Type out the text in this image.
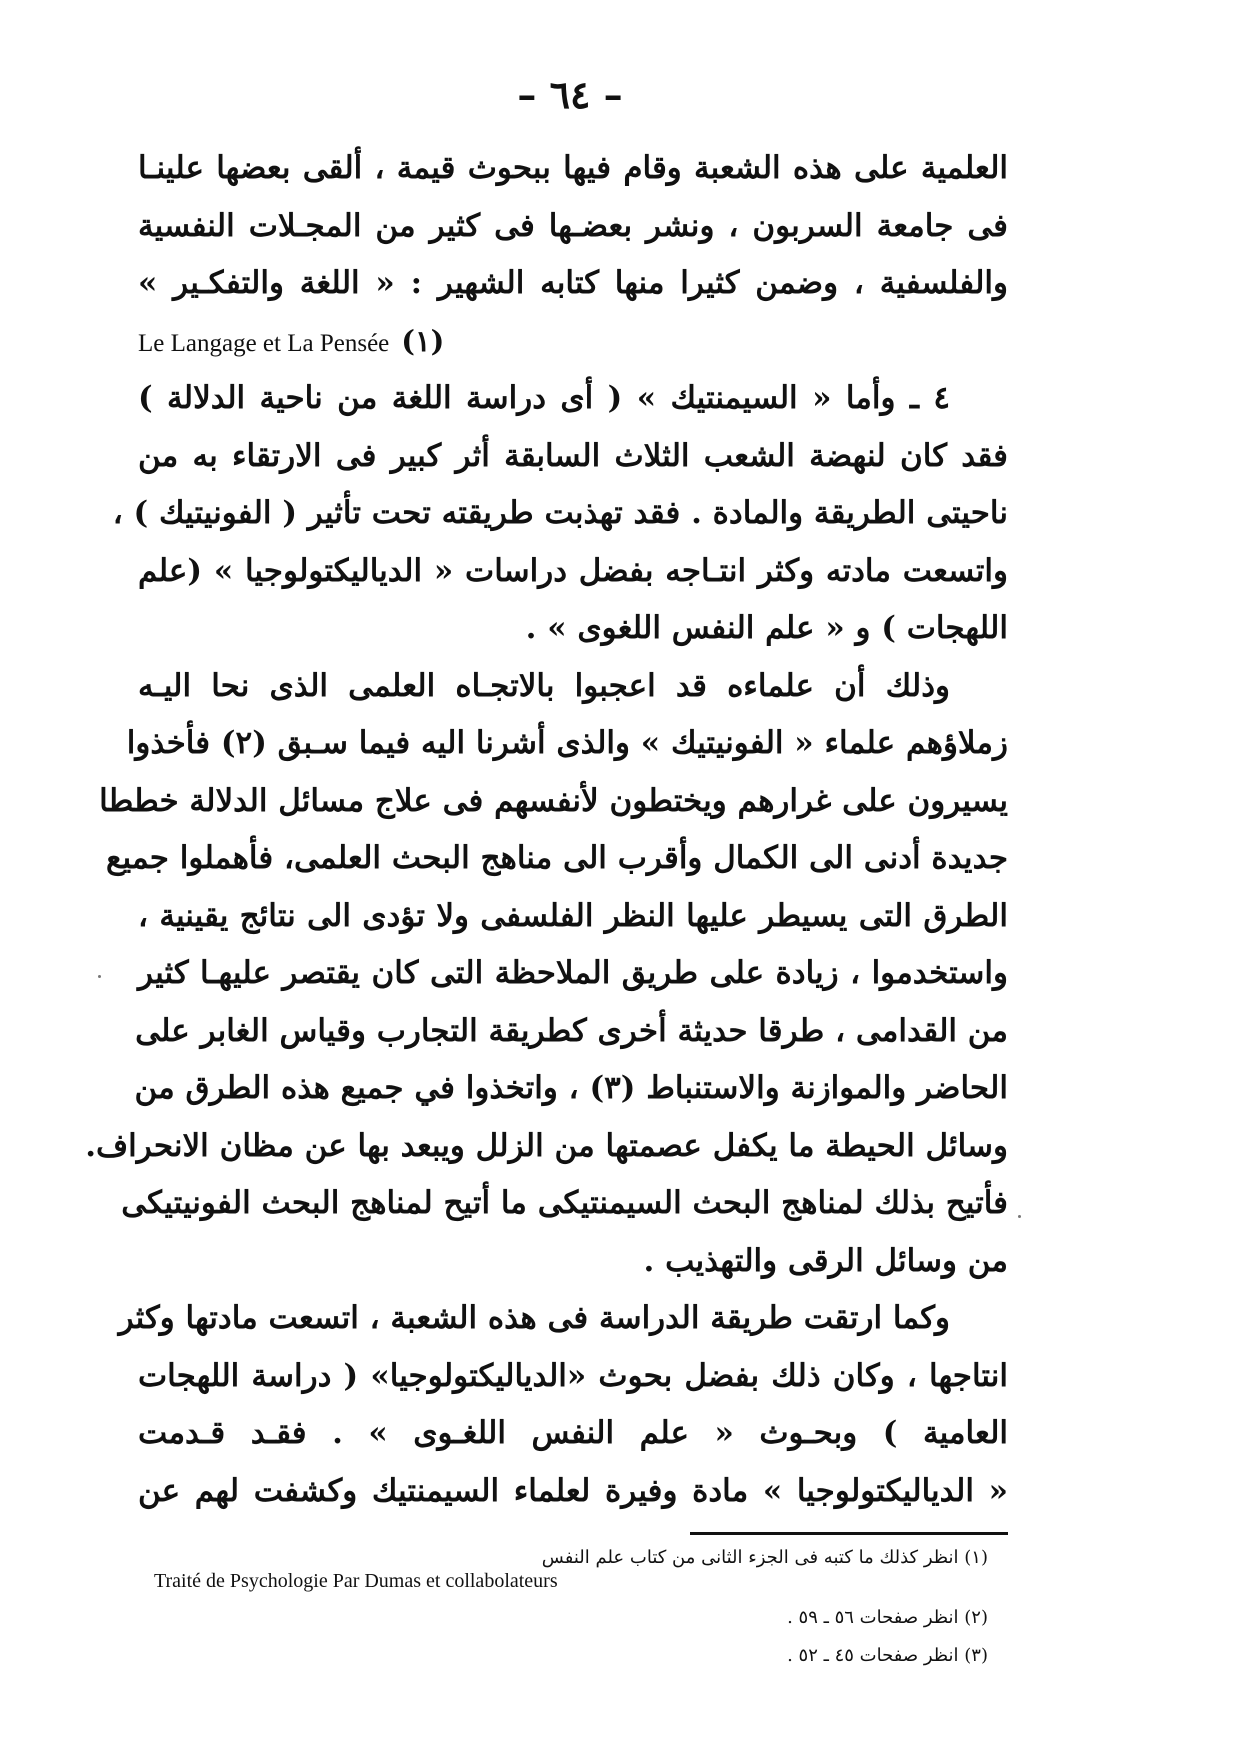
– ٦٤ –

العلمية على هذه الشعبة وقام فيها ببحوث قيمة ، ألقى بعضها علينـا
فى جامعة السربون ، ونشر بعضـها فى كثير من المجـلات النفسية
والفلسفية ، وضمن كثيرا منها كتابه الشهير : « اللغة والتفكـير »
Le Langage et La Pensée (١)

٤ ـ وأما « السيمنتيك » ( أى دراسة اللغة من ناحية الدلالة )
فقد كان لنهضة الشعب الثلاث السابقة أثر كبير فى الارتقاء به من
ناحيتى الطريقة والمادة . فقد تهذبت طريقته تحت تأثير ( الفونيتيك ) ،
واتسعت مادته وكثر انتـاجه بفضل دراسات « الدياليكتولوجيا » (علم
اللهجات ) و « علم النفس اللغوى » .

وذلك أن علماءه قد اعجبوا بالاتجـاه العلمى الذى نحا اليـه
زملاؤهم علماء « الفونيتيك » والذى أشرنا اليه فيما سـبق (٢) فأخذوا
يسيرون على غرارهم ويختطون لأنفسهم فى علاج مسائل الدلالة خططا
جديدة أدنى الى الكمال وأقرب الى مناهج البحث العلمى، فأهملوا جميع
الطرق التى يسيطر عليها النظر الفلسفى ولا تؤدى الى نتائج يقينية ،
واستخدموا ، زيادة على طريق الملاحظة التى كان يقتصر عليهـا كثير
من القدامى ، طرقا حديثة أخرى كطريقة التجارب وقياس الغابر على
الحاضر والموازنة والاستنباط (٣) ، واتخذوا في جميع هذه الطرق من
وسائل الحيطة ما يكفل عصمتها من الزلل ويبعد بها عن مظان الانحراف.
فأتيح بذلك لمناهج البحث السيمنتيكى ما أتيح لمناهج البحث الفونيتيكى
من وسائل الرقى والتهذيب .

وكما ارتقت طريقة الدراسة فى هذه الشعبة ، اتسعت مادتها وكثر
انتاجها ، وكان ذلك بفضل بحوث «الدياليكتولوجيا» ( دراسة اللهجات
العامية ) وبحـوث « علم النفس اللغـوى » . فقـد قـدمت
« الدياليكتولوجيا » مادة وفيرة لعلماء السيمنتيك وكشفت لهم عن

(١) انظر كذلك ما كتبه فى الجزء الثانى من كتاب علم النفس
Traité de Psychologie Par Dumas et collabolateurs
(٢) انظر صفحات ٥٦ ـ ٥٩ .
(٣) انظر صفحات ٤٥ ـ ٥٢ .
